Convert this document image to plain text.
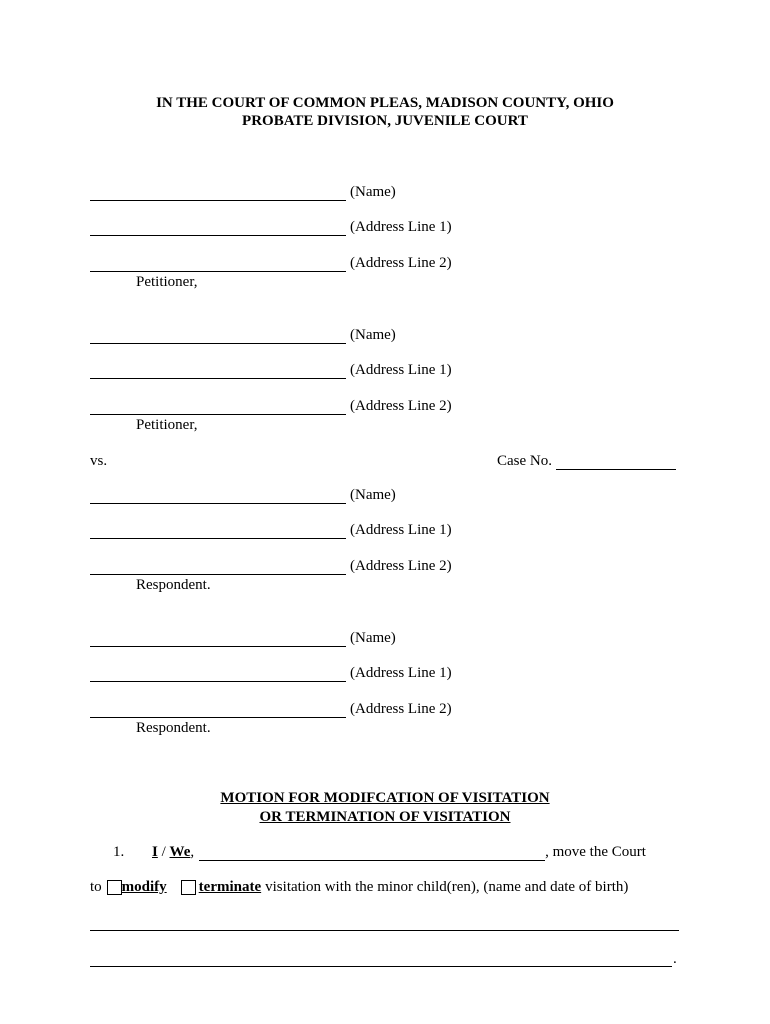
IN THE COURT OF COMMON PLEAS, MADISON COUNTY, OHIO
PROBATE DIVISION, JUVENILE COURT
(Name)
(Address Line 1)
(Address Line 2)
Petitioner,
(Name)
(Address Line 1)
(Address Line 2)
Petitioner,
vs.	Case No.
(Name)
(Address Line 1)
(Address Line 2)
Respondent.
(Name)
(Address Line 1)
(Address Line 2)
Respondent.
MOTION FOR MODIFCATION OF VISITATION
OR TERMINATION OF VISITATION
1. I / We ,	, move the Court
to modify terminate visitation with the minor child(ren), (name and date of birth)
.
